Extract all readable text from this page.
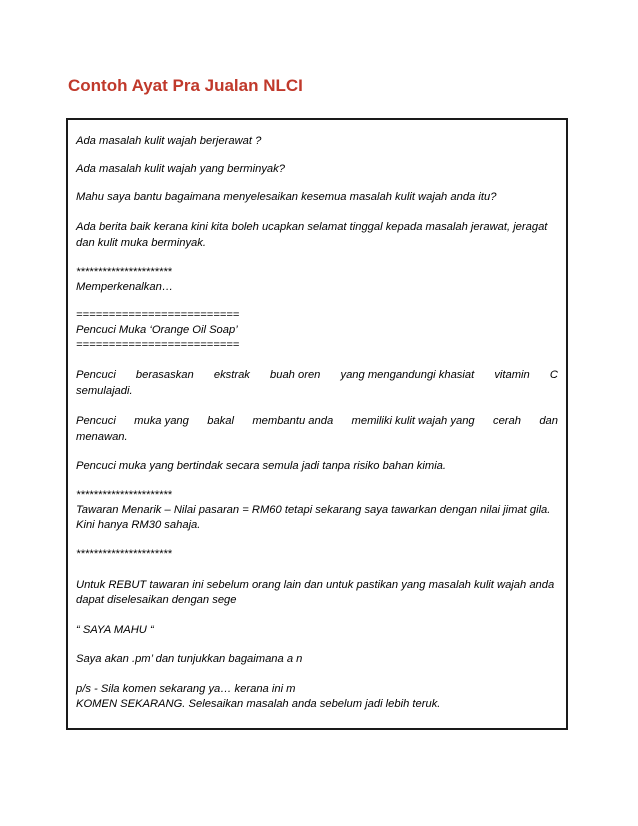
Contoh Ayat Pra Jualan NLCI
Ada masalah kulit wajah berjerawat ?
Ada masalah kulit wajah yang berminyak?
Mahu saya bantu bagaimana menyelesaikan kesemua masalah kulit wajah anda itu?
Ada berita baik kerana kini kita boleh ucapkan selamat tinggal kepada masalah jerawat, jeragat
dan kulit muka berminyak.
**********************
Memperkenalkan…
=========================
Pencuci Muka ‘Orange Oil Soap’
=========================
Pencuci berasaskan ekstrak buah oren yang mengandungi khasiat vitamin C
semulajadi.
Pencuci muka yang bakal membantu anda memiliki kulit wajah yang cerah dan
menawan.
Pencuci muka yang bertindak secara semula jadi tanpa risiko bahan kimia.
**********************
Tawaran Menarik – Nilai pasaran = RM60 tetapi sekarang saya tawarkan dengan nilai jimat gila.
Kini hanya RM30 sahaja.
**********************
Untuk REBUT tawaran ini sebelum orang lain dan untuk pastikan yang masalah kulit wajah anda
dapat diselesaikan dengan sege
“ SAYA MAHU “
Saya akan .pm’ dan tunjukkan bagaimana a n
p/s - Sila komen sekarang ya… kerana ini m
KOMEN SEKARANG. Selesaikan masalah anda sebelum jadi lebih teruk.
